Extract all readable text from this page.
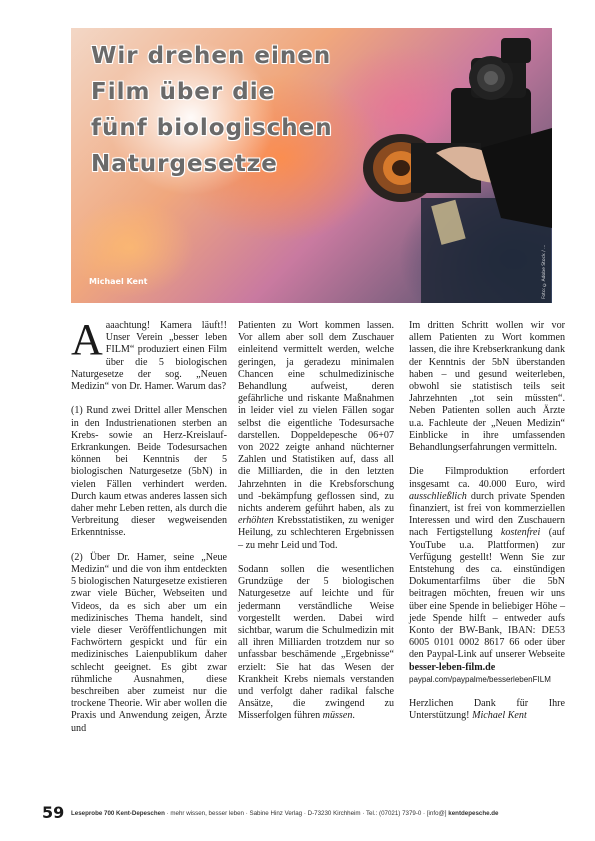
Wir drehen einen
Film über die
fünf biologischen
Naturgesetze
Michael Kent	Foto: ©Adobe Stock / ...

Aaaachtung! Kamera läuft!! Unser Verein „besser leben FILM“ produziert einen Film über die 5 biologischen Naturgesetze der sog. „Neuen Medizin“ von Dr. Hamer. Warum das?

(1) Rund zwei Drittel aller Menschen in den Industrienationen sterben an Krebs- sowie an Herz-Kreislauf-Erkrankungen. Beide Todesursachen können bei Kenntnis der 5 biologischen Naturgesetze (5bN) in vielen Fällen verhindert werden. Durch kaum etwas anderes lassen sich daher mehr Leben retten, als durch die Verbreitung dieser wegweisenden Erkenntnisse.

(2) Über Dr. Hamer, seine „Neue Medizin“ und die von ihm entdeckten 5 biologischen Naturgesetze existieren zwar viele Bücher, Webseiten und Videos, da es sich aber um ein medizinisches Thema handelt, sind viele dieser Veröffentlichungen mit Fachwörtern gespickt und für ein medizinisches Laienpublikum daher schlecht geeignet. Es gibt zwar rühmliche Ausnahmen, diese beschreiben aber zumeist nur die trockene Theorie. Wir aber wollen die Praxis und Anwendung zeigen, Ärzte und

Patienten zu Wort kommen lassen. Vor allem aber soll dem Zuschauer einleitend vermittelt werden, welche geringen, ja geradezu minimalen Chancen eine schulmedizinische Behandlung aufweist, deren gefährliche und riskante Maßnahmen in leider viel zu vielen Fällen sogar selbst die eigentliche Todesursache darstellen. Doppeldepesche 06+07 von 2022 zeigte anhand nüchterner Zahlen und Statistiken auf, dass all die Milliarden, die in den letzten Jahrzehnten in die Krebsforschung und -bekämpfung geflossen sind, zu nichts anderem geführt haben, als zu erhöhten Krebsstatistiken, zu weniger Heilung, zu schlechteren Ergebnissen – zu mehr Leid und Tod.

Sodann sollen die wesentlichen Grundzüge der 5 biologischen Naturgesetze auf leichte und für jedermann verständliche Weise vorgestellt werden. Dabei wird sichtbar, warum die Schulmedizin mit all ihren Milliarden trotzdem nur so unfassbar beschämende „Ergebnisse“ erzielt: Sie hat das Wesen der Krankheit Krebs niemals verstanden und verfolgt daher radikal falsche Ansätze, die zwingend zu Misserfolgen führen müssen.

Im dritten Schritt wollen wir vor allem Patienten zu Wort kommen lassen, die ihre Krebserkrankung dank der Kenntnis der 5bN überstanden haben – und gesund weiterleben, obwohl sie statistisch teils seit Jahrzehnten „tot sein müssten“. Neben Patienten sollen auch Ärzte u.a. Fachleute der „Neuen Medizin“ Einblicke in ihre umfassenden Behandlungserfahrungen vermitteln.

Die Filmproduktion erfordert insgesamt ca. 40.000 Euro, wird ausschließlich durch private Spenden finanziert, ist frei von kommerziellen Interessen und wird den Zuschauern nach Fertigstellung kostenfrei (auf YouTube u.a. Plattformen) zur Verfügung gestellt! Wenn Sie zur Entstehung des ca. einstündigen Dokumentarfilms über die 5bN beitragen möchten, freuen wir uns über eine Spende in beliebiger Höhe – jede Spende hilft – entweder aufs Konto der BW-Bank, IBAN: DE53 6005 0101 0002 8617 66 oder über den Paypal-Link auf unserer Webseite besser-leben-film.de paypal.com/paypalme/besserlebenFILM

Herzlichen Dank für Ihre Unterstützung! Michael Kent

59 Leseprobe 700 Kent-Depeschen · mehr wissen, besser leben · Sabine Hinz Verlag · D-73230 Kirchheim · Tel.: (07021) 7379-0 · [info@] kentdepesche.de
